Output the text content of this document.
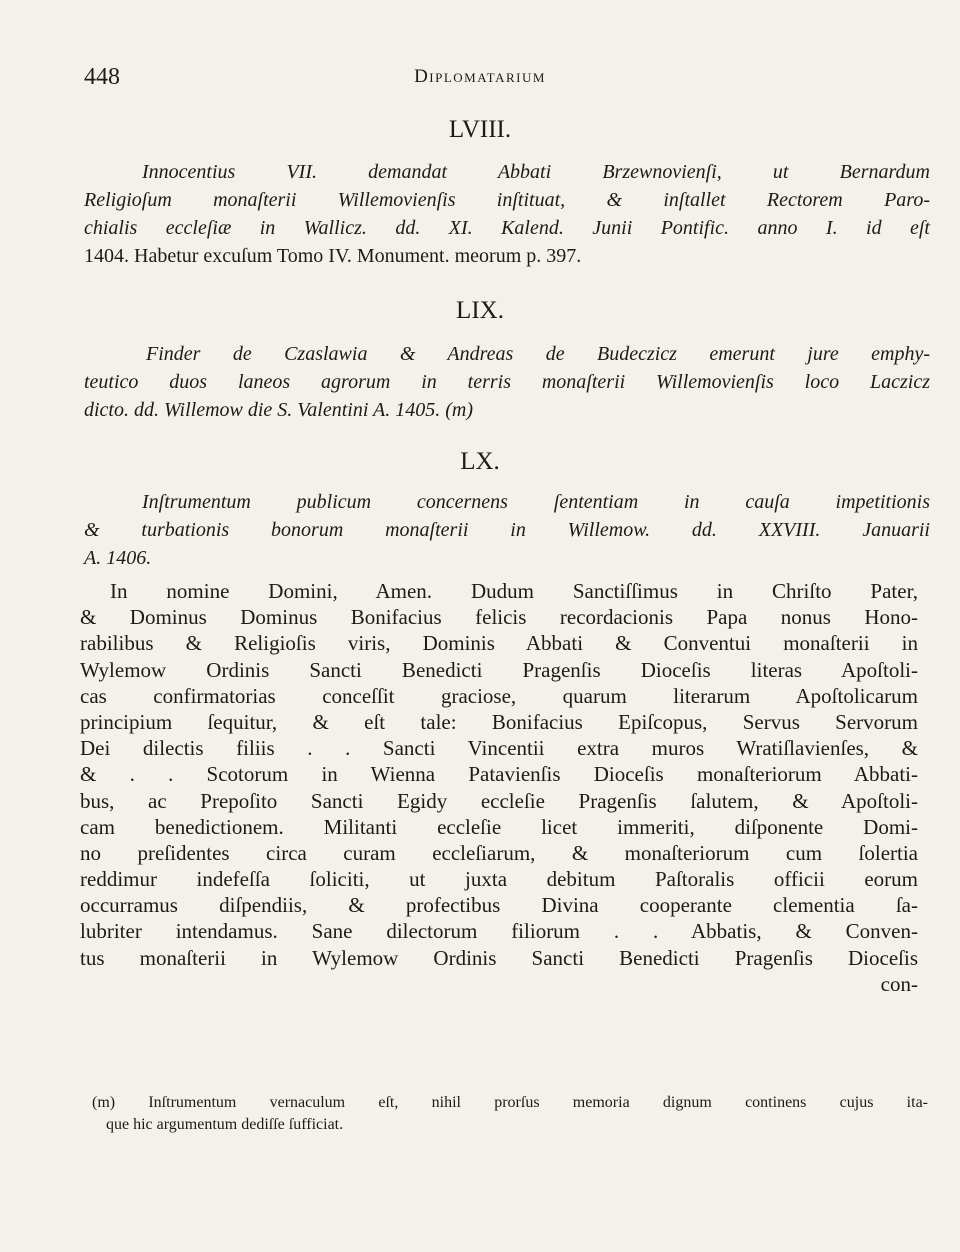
448	Diplomatarium
LVIII.
Innocentius VII. demandat Abbati Brzewnovienſi, ut Bernardum
Religioſum monaſterii Willemovienſis inſtituat, & inſtallet Rectorem Paro-
chialis eccleſiæ in Wallicz. dd. XI. Kalend. Junii Pontific. anno I. id eſt
1404. Habetur excuſum Tomo IV. Monument. meorum p. 397.
LIX.
Finder de Czaslawia & Andreas de Budeczicz emerunt jure emphy-
teutico duos laneos agrorum in terris monaſterii Willemovienſis loco Laczicz
dicto. dd. Willemow die S. Valentini A. 1405. (m)
LX.
Inſtrumentum publicum concernens ſententiam in cauſa impetitionis
& turbationis bonorum monaſterii in Willemow. dd. XXVIII. Januarii
A. 1406.
In nomine Domini, Amen. Dudum Sanctiſſimus in Chriſto Pater,
& Dominus Dominus Bonifacius felicis recordacionis Papa nonus Hono-
rabilibus & Religioſis viris, Dominis Abbati & Conventui monaſterii in
Wylemow Ordinis Sancti Benedicti Pragenſis Dioceſis literas Apoſtoli-
cas confirmatorias conceſſit graciose, quarum literarum Apoſtolicarum
principium ſequitur, & eſt tale: Bonifacius Epiſcopus, Servus Servorum
Dei dilectis filiis . . Sancti Vincentii extra muros Wratiſlavienſes, &
& . . Scotorum in Wienna Patavienſis Dioceſis monaſteriorum Abbati-
bus, ac Prepoſito Sancti Egidy eccleſie Pragenſis ſalutem, & Apoſtoli-
cam benedictionem. Militanti eccleſie licet immeriti, diſponente Domi-
no preſidentes circa curam eccleſiarum, & monaſteriorum cum ſolertia
reddimur indefeſſa ſoliciti, ut juxta debitum Paſtoralis officii eorum
occurramus diſpendiis, & profectibus Divina cooperante clementia ſa-
lubriter intendamus. Sane dilectorum filiorum . . Abbatis, & Conven-
tus monaſterii in Wylemow Ordinis Sancti Benedicti Pragenſis Dioceſis
con-
(m) Inſtrumentum vernaculum eſt, nihil prorſus memoria dignum continens cujus ita-
que hic argumentum dediſſe ſufficiat.
